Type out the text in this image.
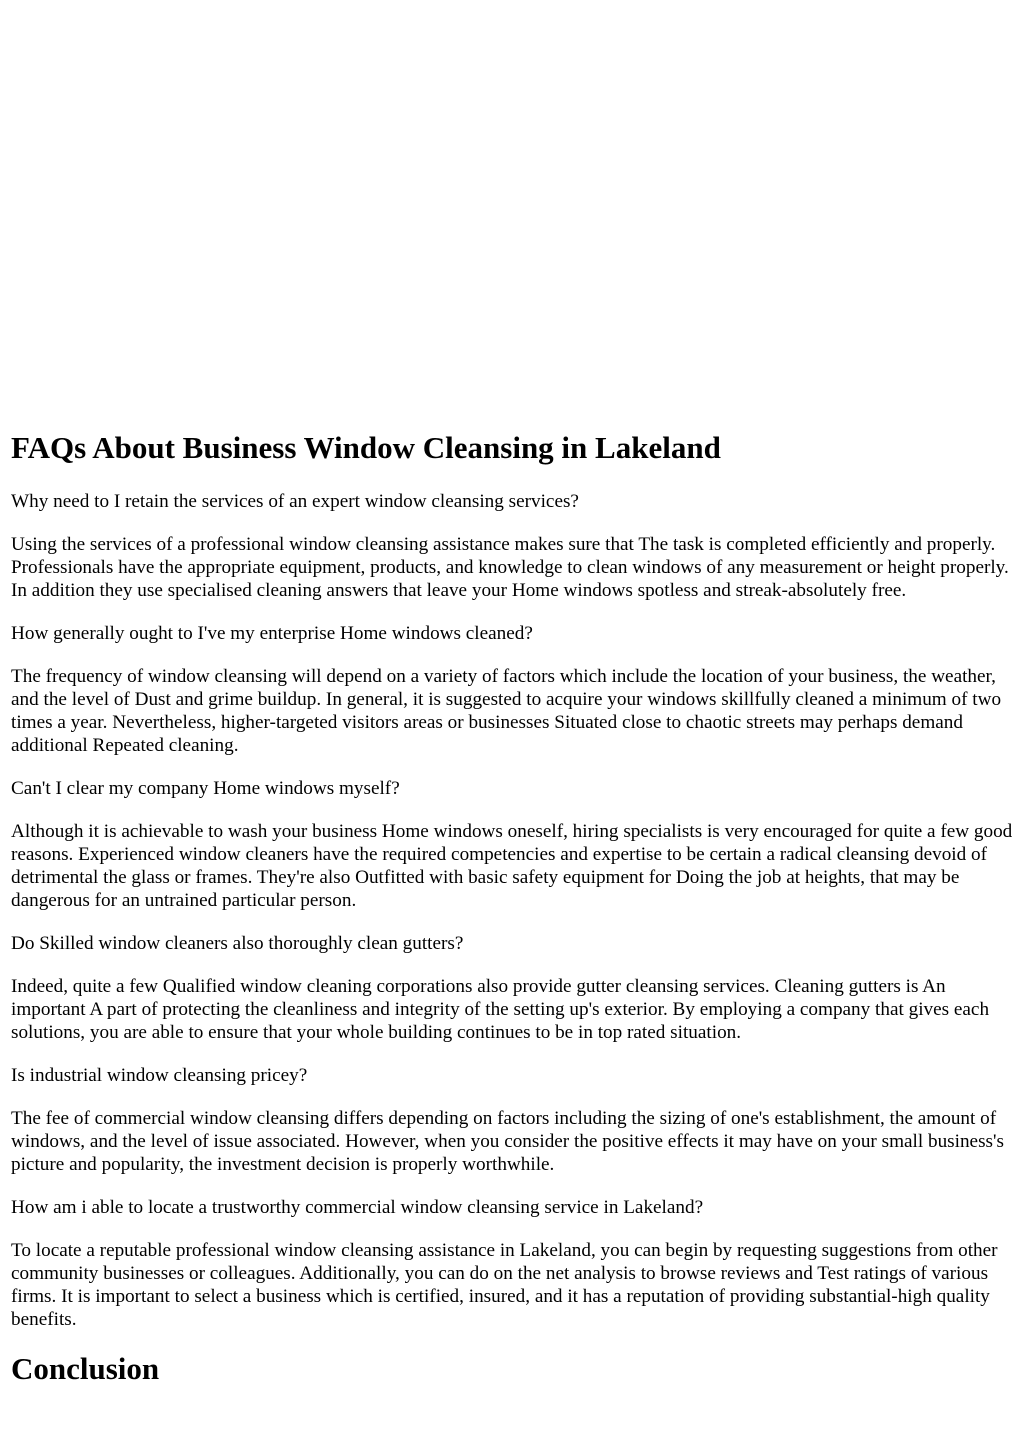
FAQs About Business Window Cleansing in Lakeland

Why need to I retain the services of an expert window cleansing services?

Using the services of a professional window cleansing assistance makes sure that The task is completed efficiently and properly. Professionals have the appropriate equipment, products, and knowledge to clean windows of any measurement or height properly. In addition they use specialised cleaning answers that leave your Home windows spotless and streak-absolutely free.

How generally ought to I've my enterprise Home windows cleaned?

The frequency of window cleansing will depend on a variety of factors which include the location of your business, the weather, and the level of Dust and grime buildup. In general, it is suggested to acquire your windows skillfully cleaned a minimum of two times a year. Nevertheless, higher-targeted visitors areas or businesses Situated close to chaotic streets may perhaps demand additional Repeated cleaning.

Can't I clear my company Home windows myself?

Although it is achievable to wash your business Home windows oneself, hiring specialists is very encouraged for quite a few good reasons. Experienced window cleaners have the required competencies and expertise to be certain a radical cleansing devoid of detrimental the glass or frames. They're also Outfitted with basic safety equipment for Doing the job at heights, that may be dangerous for an untrained particular person.

Do Skilled window cleaners also thoroughly clean gutters?

Indeed, quite a few Qualified window cleaning corporations also provide gutter cleansing services. Cleaning gutters is An important A part of protecting the cleanliness and integrity of the setting up's exterior. By employing a company that gives each solutions, you are able to ensure that your whole building continues to be in top rated situation.

Is industrial window cleansing pricey?

The fee of commercial window cleansing differs depending on factors including the sizing of one's establishment, the amount of windows, and the level of issue associated. However, when you consider the positive effects it may have on your small business's picture and popularity, the investment decision is properly worthwhile.

How am i able to locate a trustworthy commercial window cleansing service in Lakeland?

To locate a reputable professional window cleansing assistance in Lakeland, you can begin by requesting suggestions from other community businesses or colleagues. Additionally, you can do on the net analysis to browse reviews and Test ratings of various firms. It is important to select a business which is certified, insured, and it has a reputation of providing substantial-high quality benefits.

Conclusion
